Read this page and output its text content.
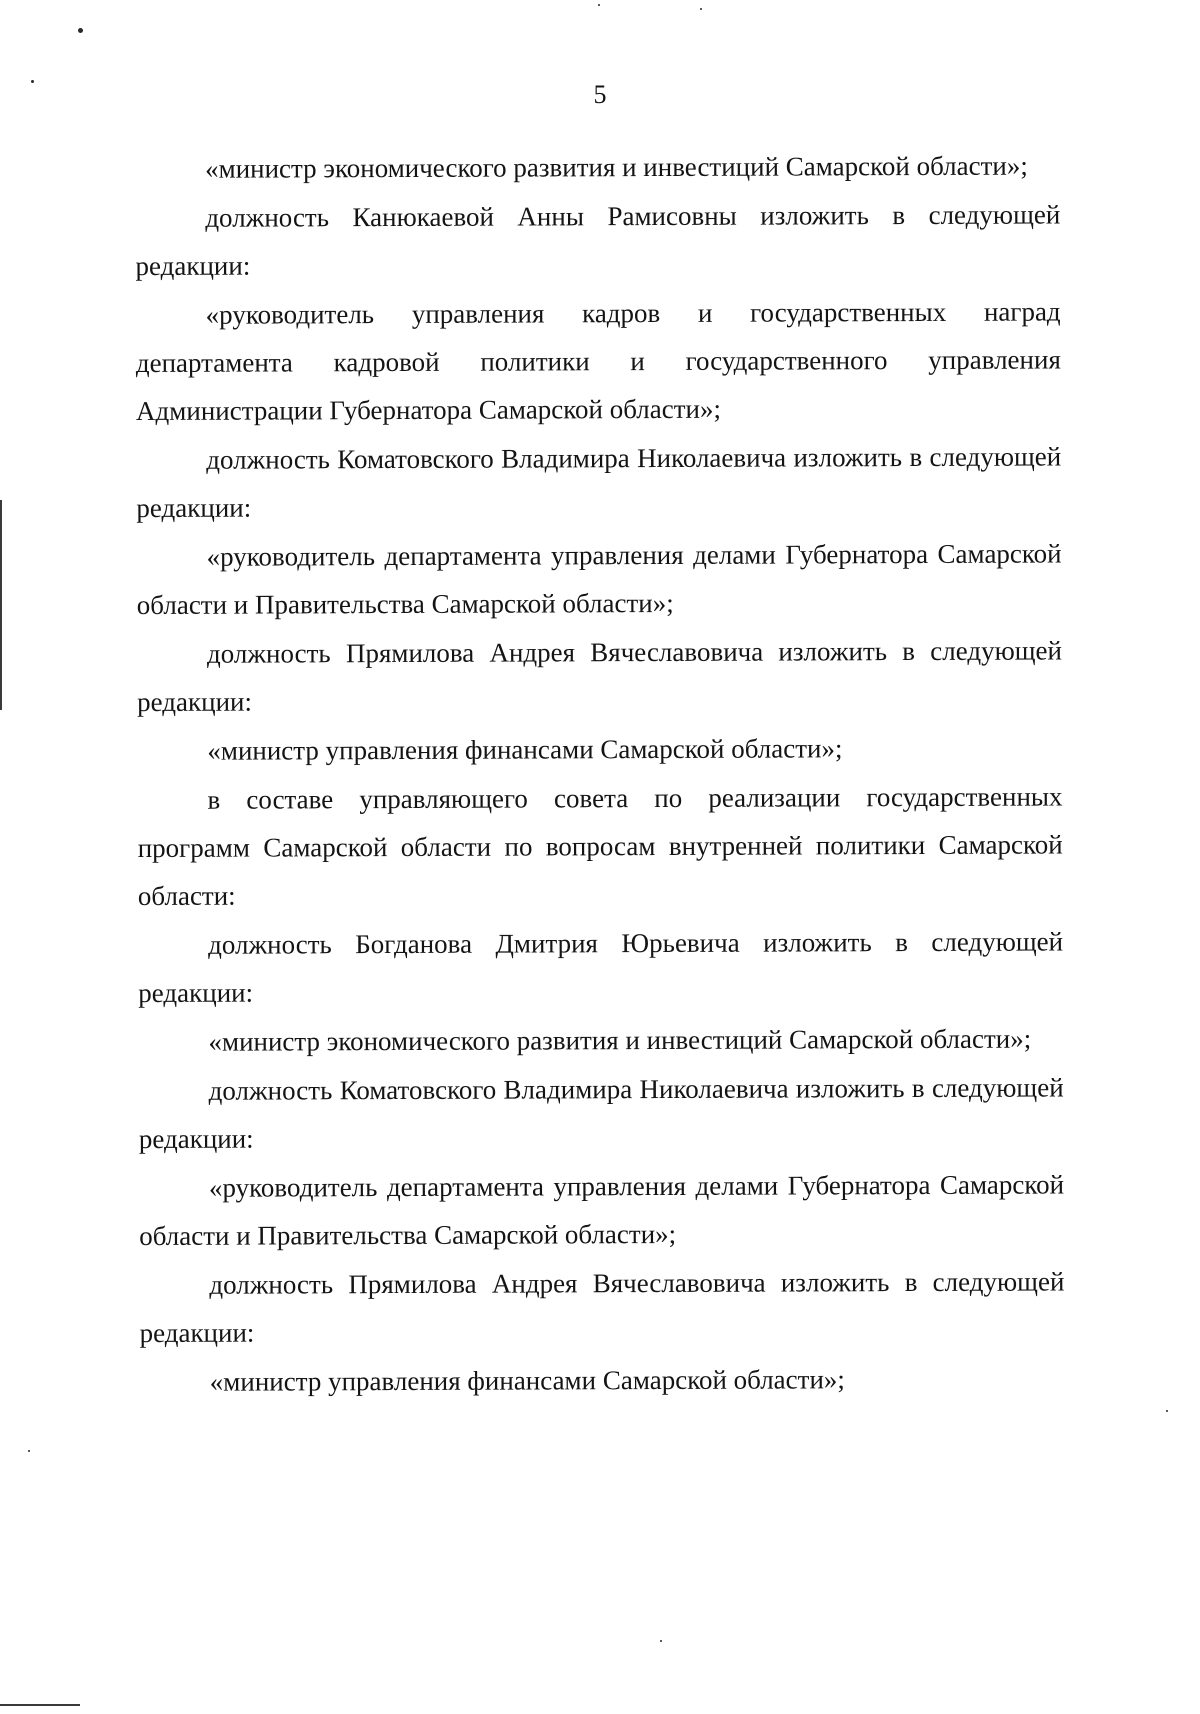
5

«министр экономического развития и инвестиций Самарской области»;

должность Канюкаевой Анны Рамисовны изложить в следующей редакции:

«руководитель управления кадров и государственных наград департамента кадровой политики и государственного управления Администрации Губернатора Самарской области»;

должность Коматовского Владимира Николаевича изложить в следующей редакции:

«руководитель департамента управления делами Губернатора Самарской области и Правительства Самарской области»;

должность Прямилова Андрея Вячеславовича изложить в следующей редакции:

«министр управления финансами Самарской области»;

в составе управляющего совета по реализации государственных программ Самарской области по вопросам внутренней политики Самарской области:

должность Богданова Дмитрия Юрьевича изложить в следующей редакции:

«министр экономического развития и инвестиций Самарской области»;

должность Коматовского Владимира Николаевича изложить в следующей редакции:

«руководитель департамента управления делами Губернатора Самарской области и Правительства Самарской области»;

должность Прямилова Андрея Вячеславовича изложить в следующей редакции:

«министр управления финансами Самарской области»;
